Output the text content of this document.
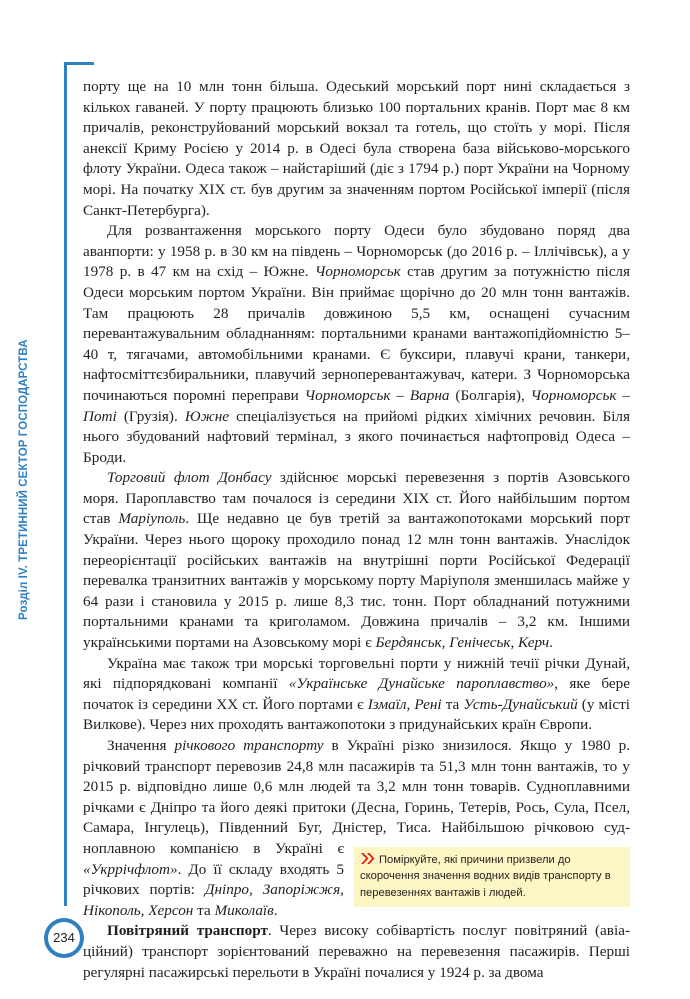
Розділ IV. ТРЕТИННИЙ СЕКТОР ГОСПОДАРСТВА

порту ще на 10 млн тонн більша. Одеський морський порт нині складається з кількох гаваней. У порту працюють близько 100 портальних кранів. Порт має 8 км причалів, реконструйований морський вокзал та готель, що стоїть у морі. Після анексії Криму Росією у 2014 р. в Одесі була створена база військово-морського флоту України. Одеса також – найстаріший (діє з 1794 р.) порт України на Чорному морі. На початку XIX ст. був другим за значенням портом Російської імперії (після Санкт-Петербурга).

Для розвантаження морського порту Одеси було збудовано поряд два аванпорти: у 1958 р. в 30 км на південь – Чорноморськ (до 2016 р. – Іллічівськ), а у 1978 р. в 47 км на схід – Южне. Чорноморськ став другим за потужністю після Одеси морським портом України. Він приймає щорічно до 20 млн тонн вантажів. Там працюють 28 причалів довжиною 5,5 км, оснащені сучасним перевантажувальним обладнанням: портальними кранами вантажопідйомністю 5–40 т, тягачами, автомобільними кранами. Є буксири, плавучі крани, танкери, нафтосміттєзбиральники, плавучий зерноперевантажувач, катери. З Чорноморська починаються поромні переправи Чорноморськ – Варна (Болгарія), Чорноморськ – Поті (Грузія). Южне спеціалізується на прийомі рідких хімічних речовин. Біля нього збудований нафтовий термінал, з якого починається нафтопровід Одеса – Броди.

Торговий флот Донбасу здійснює морські перевезення з портів Азовського моря. Пароплавство там почалося із середини XIX ст. Його найбільшим портом став Маріуполь. Ще недавно це був третій за вантажопотоками морський порт України. Через нього щороку проходило понад 12 млн тонн вантажів. Унаслідок переорієнтації російських вантажів на внутрішні порти Російської Федерації перевалка транзитних вантажів у морському порту Маріуполя зменшилась майже у 64 рази і становила у 2015 р. лише 8,3 тис. тонн. Порт обладнаний потужними портальними кранами та криголамом. Довжина причалів – 3,2 км. Іншими українськими портами на Азовському морі є Бердянськ, Генічеськ, Керч.

Україна має також три морські торговельні порти у нижній течії річки Дунай, які підпорядковані компанії «Українське Дунайське пароплавство», яке бере початок із середини XX ст. Його портами є Ізмаїл, Рені та Усть-Дунайський (у місті Вилкове). Через них проходять вантажопотоки з придунайських країн Європи.

Значення річкового транспорту в Україні різко знизилося. Якщо у 1980 р. річковий транспорт перевозив 24,8 млн пасажирів та 51,3 млн тонн вантажів, то у 2015 р. відповідно лише 0,6 млн людей та 3,2 млн тонн товарів. Судноплавними річками є Дніпро та його деякі притоки (Десна, Горинь, Тетерів, Рось, Сула, Псел, Самара, Інгулець), Південний Буг, Дністер, Тиса. Найбільшою річковою судноплавною компанією в Україні є
Поміркуйте, які причини призвели до скорочення значення водних видів транспорту в перевезеннях вантажів і людей.
«Укррічфлот». До її складу входять 5 річкових портів: Дніпро, Запоріжжя, Нікополь, Херсон та Миколаїв.

Повітряний транспорт. Через високу собівартість послуг повітряний (авіаційний) транспорт зорієнтований переважно на перевезення пасажирів. Перші регулярні пасажирські перельоти в Україні почалися у 1924 р. за двома

234
